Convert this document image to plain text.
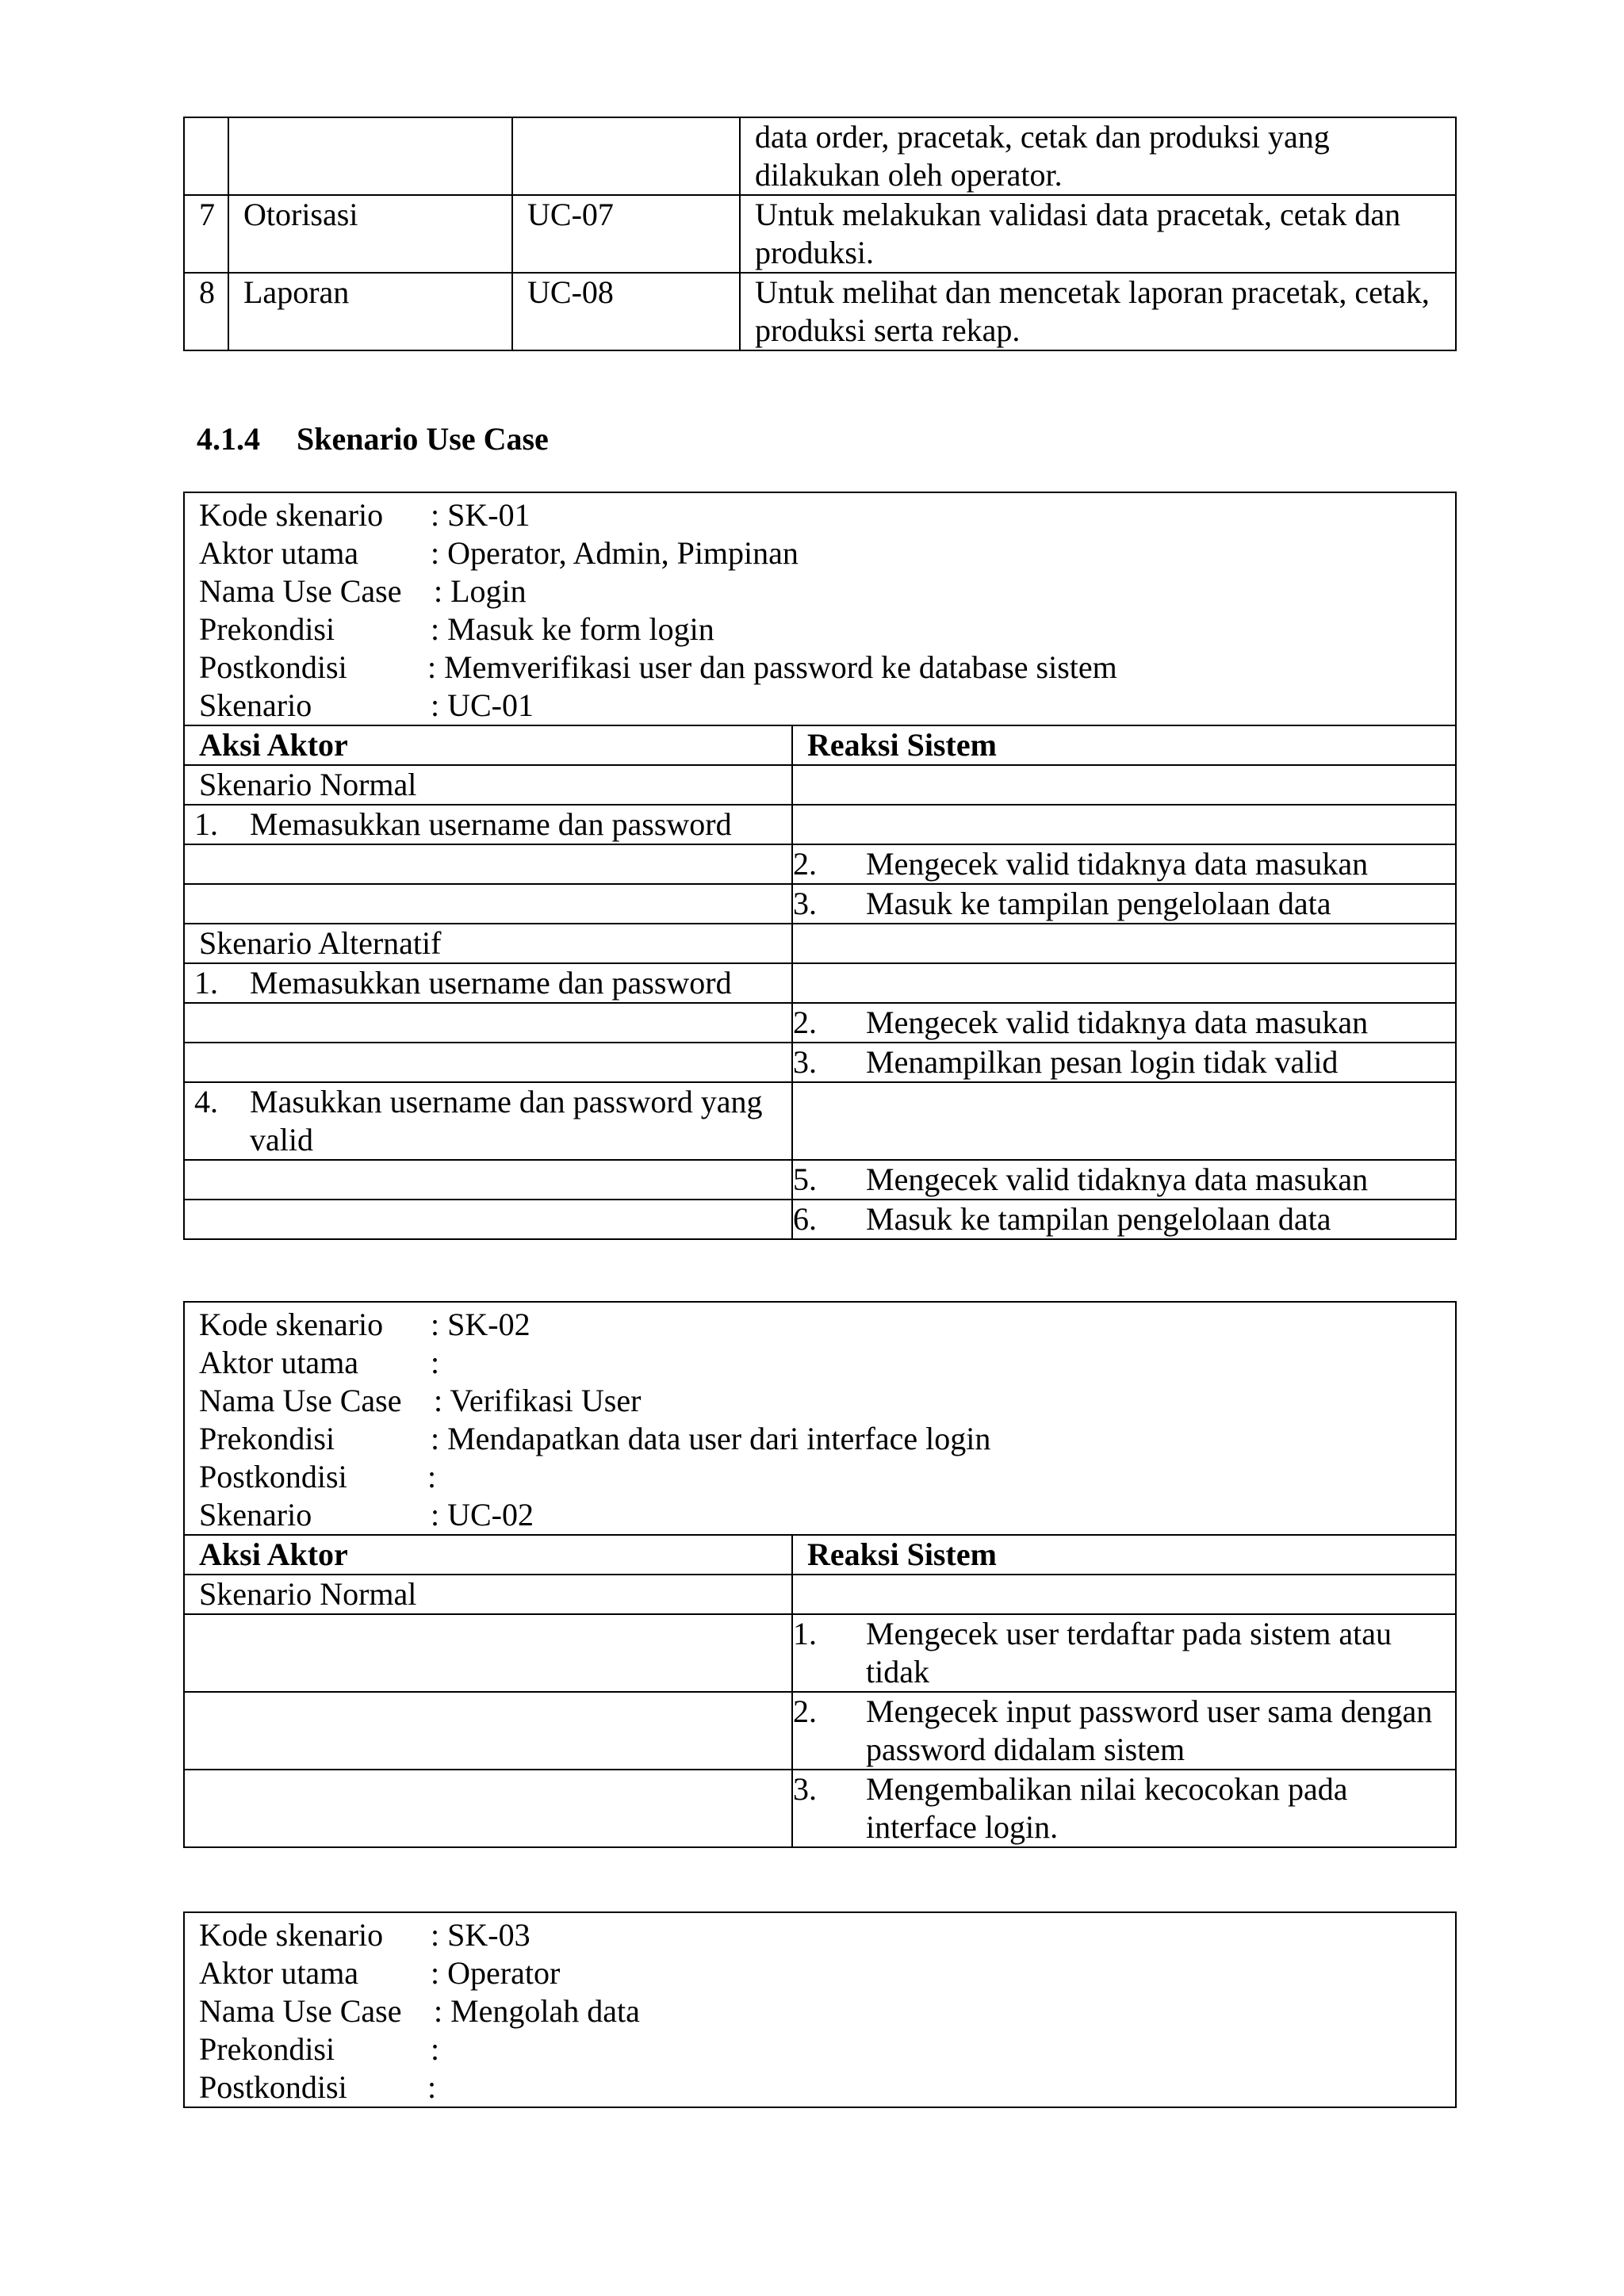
			data order, pracetak, cetak dan produksi yang dilakukan oleh operator.
7	Otorisasi	UC-07	Untuk melakukan validasi data pracetak, cetak dan produksi.
8	Laporan	UC-08	Untuk melihat dan mencetak laporan pracetak, cetak, produksi serta rekap.
4.1.4 Skenario Use Case
Kode skenario : SK-01
Aktor utama : Operator, Admin, Pimpinan
Nama Use Case : Login
Prekondisi	: Masuk ke form login
Postkondisi	: Memverifikasi user dan password ke database sistem
Skenario	: UC-01
Aksi Aktor	Reaksi Sistem
Skenario Normal	

1. Memasukkan username dan password	

	2. Mengecek valid tidaknya data masukan

	3. Masuk ke tampilan pengelolaan data

Skenario Alternatif	

1. Memasukkan username dan password	

	2. Mengecek valid tidaknya data masukan

	3. Menampilkan pesan login tidak valid

4. Masukkan username dan password yang valid	

	5. Mengecek valid tidaknya data masukan

	6. Masuk ke tampilan pengelolaan data
Kode skenario : SK-02
Aktor utama :
Nama Use Case : Verifikasi User
Prekondisi	: Mendapatkan data user dari interface login
Postkondisi	:
Skenario	: UC-02
Aksi Aktor	Reaksi Sistem
Skenario Normal	

	1. Mengecek user terdaftar pada sistem atau tidak

	2. Mengecek input password user sama dengan password didalam sistem

	3. Mengembalikan nilai kecocokan pada interface login.
Kode skenario : SK-03
Aktor utama : Operator
Nama Use Case : Mengolah data
Prekondisi	:
Postkondisi	:
